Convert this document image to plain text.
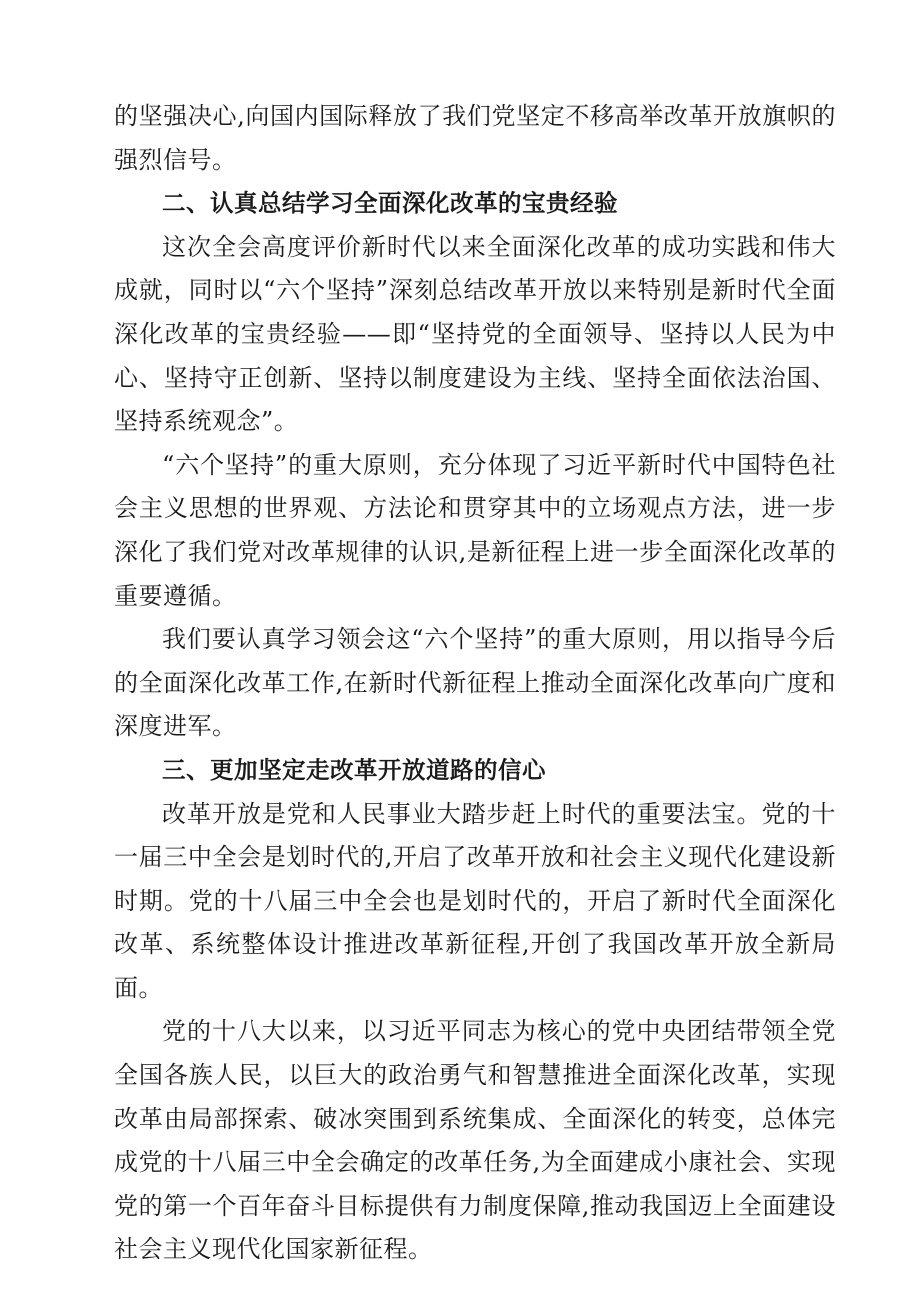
的坚强决心,向国内国际释放了我们党坚定不移高举改革开放旗帜的强烈信号。

二、认真总结学习全面深化改革的宝贵经验

这次全会高度评价新时代以来全面深化改革的成功实践和伟大成就，同时以“六个坚持”深刻总结改革开放以来特别是新时代全面深化改革的宝贵经验——即“坚持党的全面领导、坚持以人民为中心、坚持守正创新、坚持以制度建设为主线、坚持全面依法治国、坚持系统观念”。

“六个坚持”的重大原则，充分体现了习近平新时代中国特色社会主义思想的世界观、方法论和贯穿其中的立场观点方法，进一步深化了我们党对改革规律的认识,是新征程上进一步全面深化改革的重要遵循。

我们要认真学习领会这“六个坚持”的重大原则，用以指导今后的全面深化改革工作,在新时代新征程上推动全面深化改革向广度和深度进军。

三、更加坚定走改革开放道路的信心

改革开放是党和人民事业大踏步赶上时代的重要法宝。党的十一届三中全会是划时代的,开启了改革开放和社会主义现代化建设新时期。党的十八届三中全会也是划时代的，开启了新时代全面深化改革、系统整体设计推进改革新征程,开创了我国改革开放全新局面。

党的十八大以来，以习近平同志为核心的党中央团结带领全党全国各族人民，以巨大的政治勇气和智慧推进全面深化改革，实现改革由局部探索、破冰突围到系统集成、全面深化的转变，总体完成党的十八届三中全会确定的改革任务,为全面建成小康社会、实现党的第一个百年奋斗目标提供有力制度保障,推动我国迈上全面建设社会主义现代化国家新征程。
